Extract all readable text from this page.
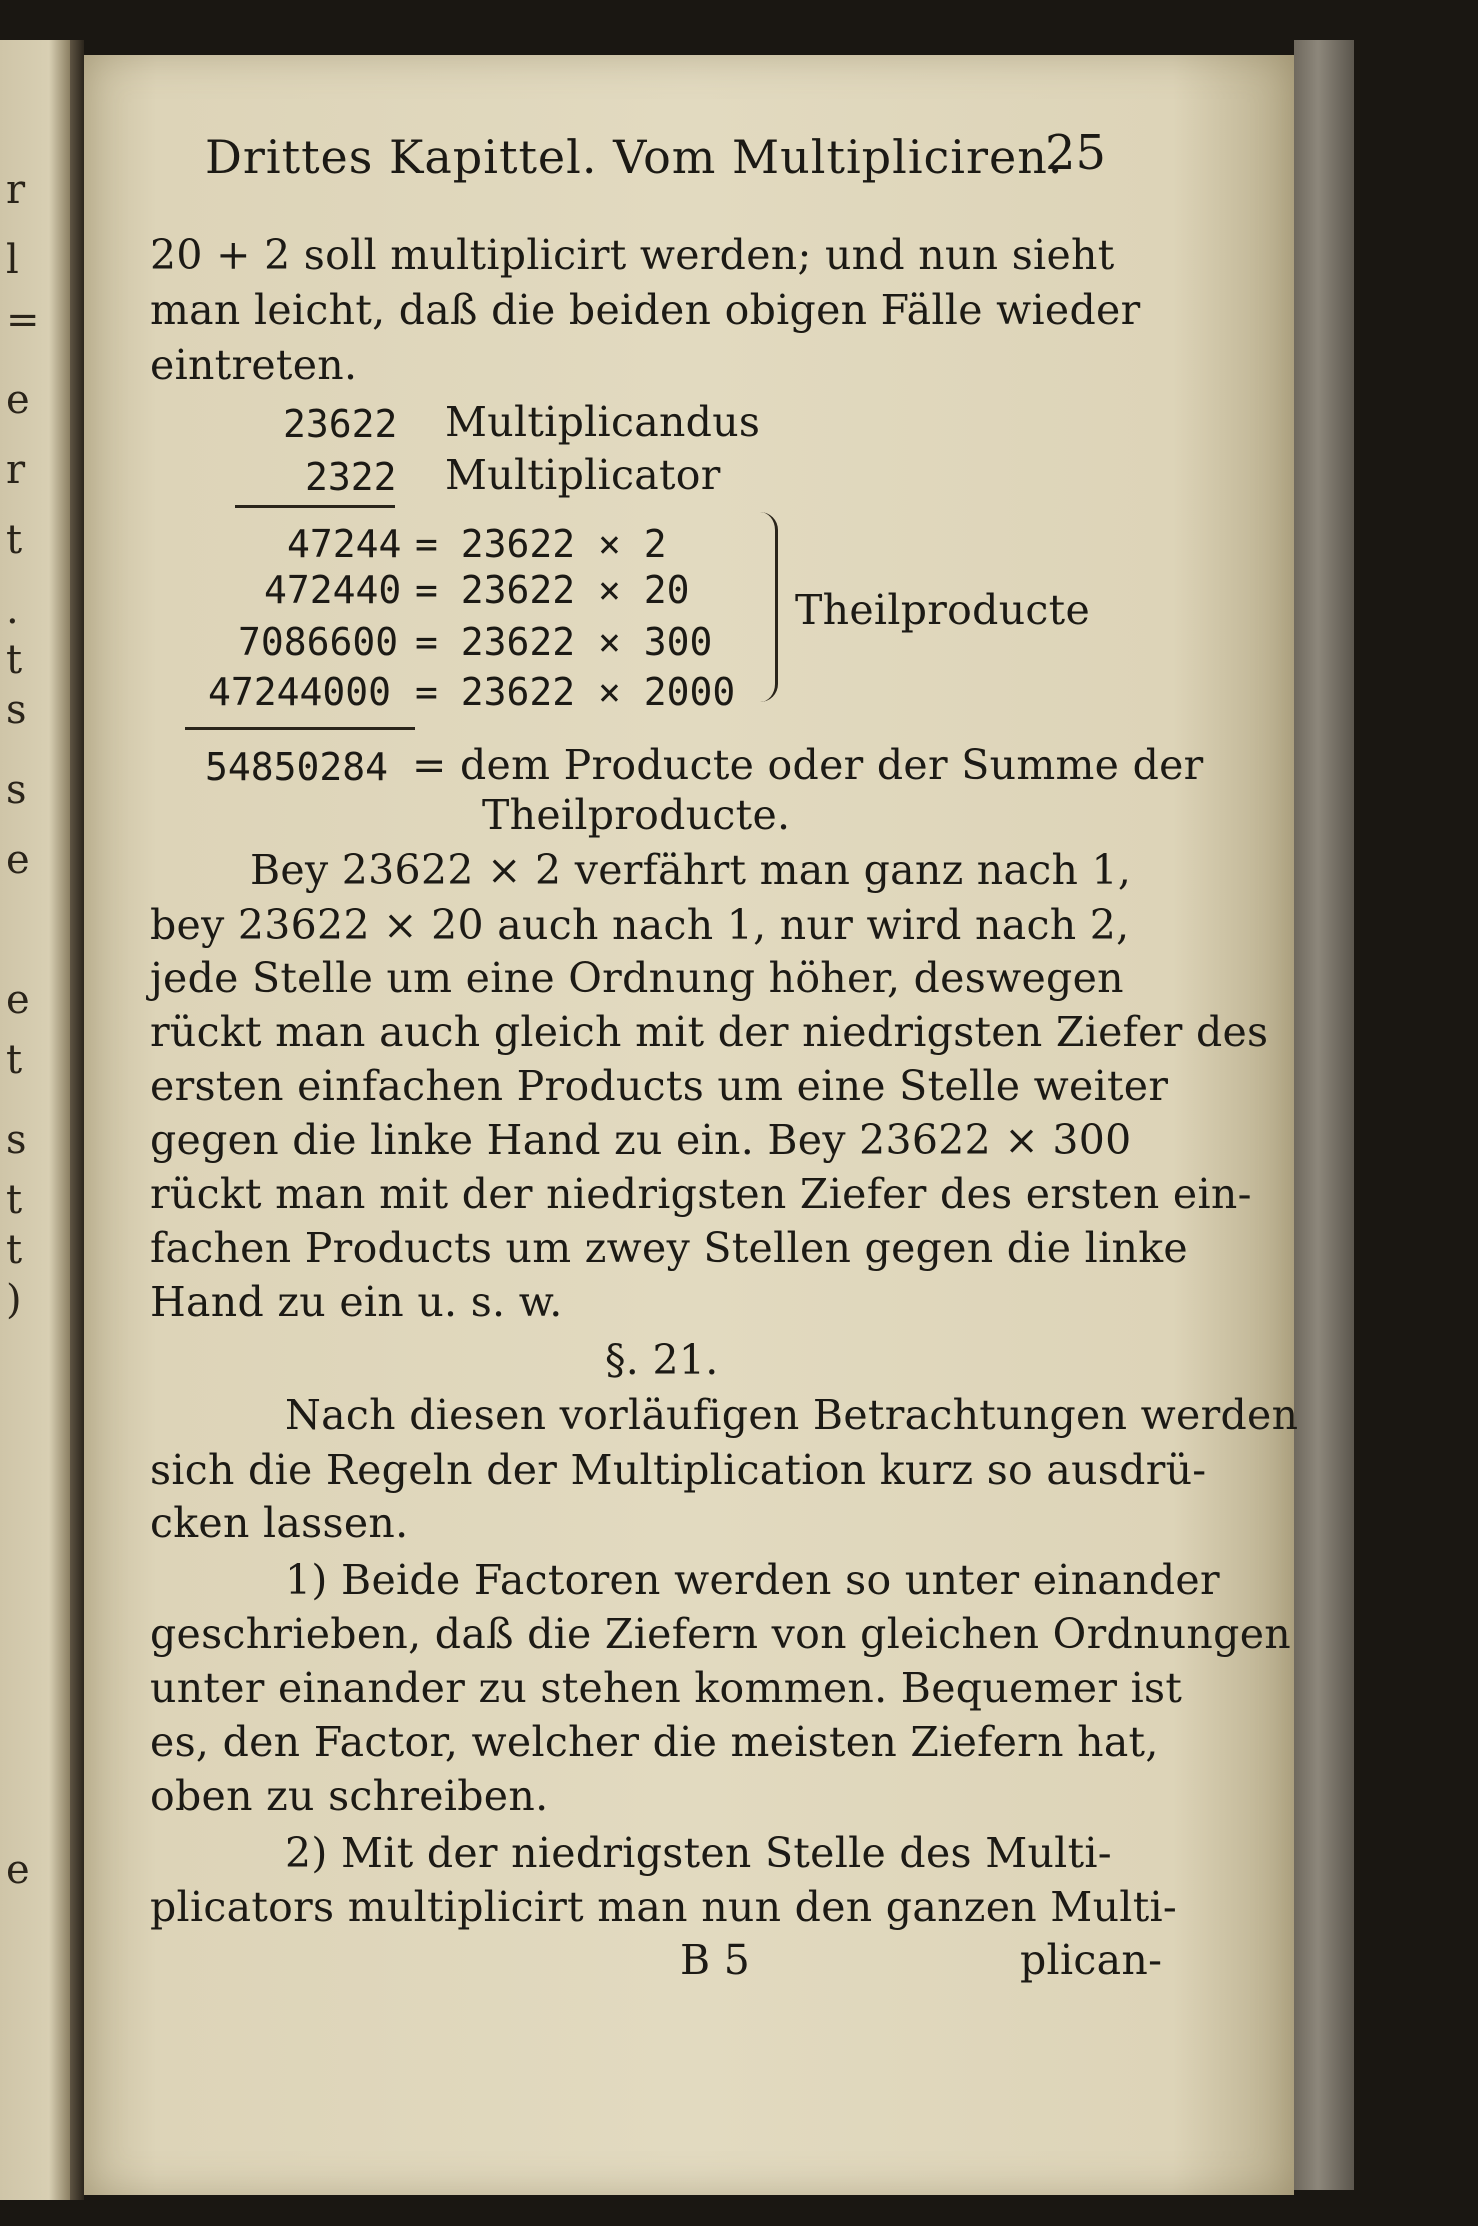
r
l
=
e
r
t
.
t
s
s
e
e
t
s
t
t
)
e
Drittes Kapittel. Vom Multipliciren.
25
20 + 2 soll multiplicirt werden; und nun sieht
man leicht, daß die beiden obigen Fälle wieder
eintreten.
23622 Multiplicandus
2322 Multiplicator
47244 = 23622 × 2
472440 = 23622 × 20
7086600 = 23622 × 300
47244000 = 23622 × 2000
Theilproducte
54850284 = dem Producte oder der Summe der
Theilproducte.
Bey 23622 × 2 verfährt man ganz nach 1,
bey 23622 × 20 auch nach 1, nur wird nach 2,
jede Stelle um eine Ordnung höher, deswegen
rückt man auch gleich mit der niedrigsten Ziefer des
ersten einfachen Products um eine Stelle weiter
gegen die linke Hand zu ein. Bey 23622 × 300
rückt man mit der niedrigsten Ziefer des ersten ein-
fachen Products um zwey Stellen gegen die linke
Hand zu ein u. s. w.
§. 21.
Nach diesen vorläufigen Betrachtungen werden
sich die Regeln der Multiplication kurz so ausdrü-
cken lassen.
1) Beide Factoren werden so unter einander
geschrieben, daß die Ziefern von gleichen Ordnungen
unter einander zu stehen kommen. Bequemer ist
es, den Factor, welcher die meisten Ziefern hat,
oben zu schreiben.
2) Mit der niedrigsten Stelle des Multi-
plicators multiplicirt man nun den ganzen Multi-
B 5	plican-
